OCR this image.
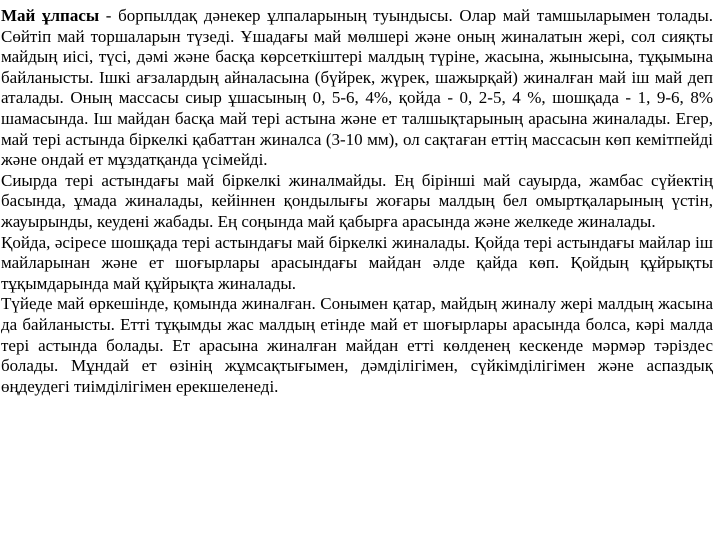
Май ұлпасы - борпылдақ дәнекер ұлпаларының туындысы. Олар май тамшыларымен толады. Сөйтіп май торшаларын түзеді. Ұшадағы май мөлшері және оның жиналатын жері, сол сияқты майдың иісі, түсі, дәмі және басқа көрсеткіштері малдың түріне, жасына, жынысына, тұқымына байланысты. Ішкі ағзалардың айналасына (бүйрек, жүрек, шажырқай) жиналған май іш май деп аталады. Оның массасы сиыр ұшасының 0, 5-6, 4%, қойда - 0, 2-5, 4 %, шошқада - 1, 9-6, 8% шамасында. Іш майдан басқа май тері астына және ет талшықтарының арасына жиналады. Егер, май тері астында біркелкі қабаттан жиналса (3-10 мм), ол сақтаған еттің массасын көп кемітпейді және ондай ет мұздатқанда үсімейді.

Сиырда тері астындағы май біркелкі жиналмайды. Ең бірінші май сауырда, жамбас сүйектің басында, ұмада жиналады, кейіннен қондылығы жоғары малдың бел омыртқаларының үстін, жауырынды, кеудені жабады. Ең соңында май қабырға арасында және желкеде жиналады.

Қойда, әсіресе шошқада тері астындағы май біркелкі жиналады. Қойда тері астындағы майлар іш майларынан және ет шоғырлары арасындағы майдан әлде қайда көп. Қойдың құйрықты тұқымдарында май құйрықта жиналады.

Түйеде май өркешінде, қомында жиналған. Сонымен қатар, майдың жиналу жері малдың жасына да байланысты. Етті тұқымды жас малдың етінде май ет шоғырлары арасында болса, кәрі малда тері астында болады. Ет арасына жиналған майдан етті көлденең кескенде мәрмәр тәріздес болады. Мұндай ет өзінің жұмсақтығымен, дәмділігімен, сүйкімділігімен және аспаздық өңдеудегі тиімділігімен ерекшеленеді.
